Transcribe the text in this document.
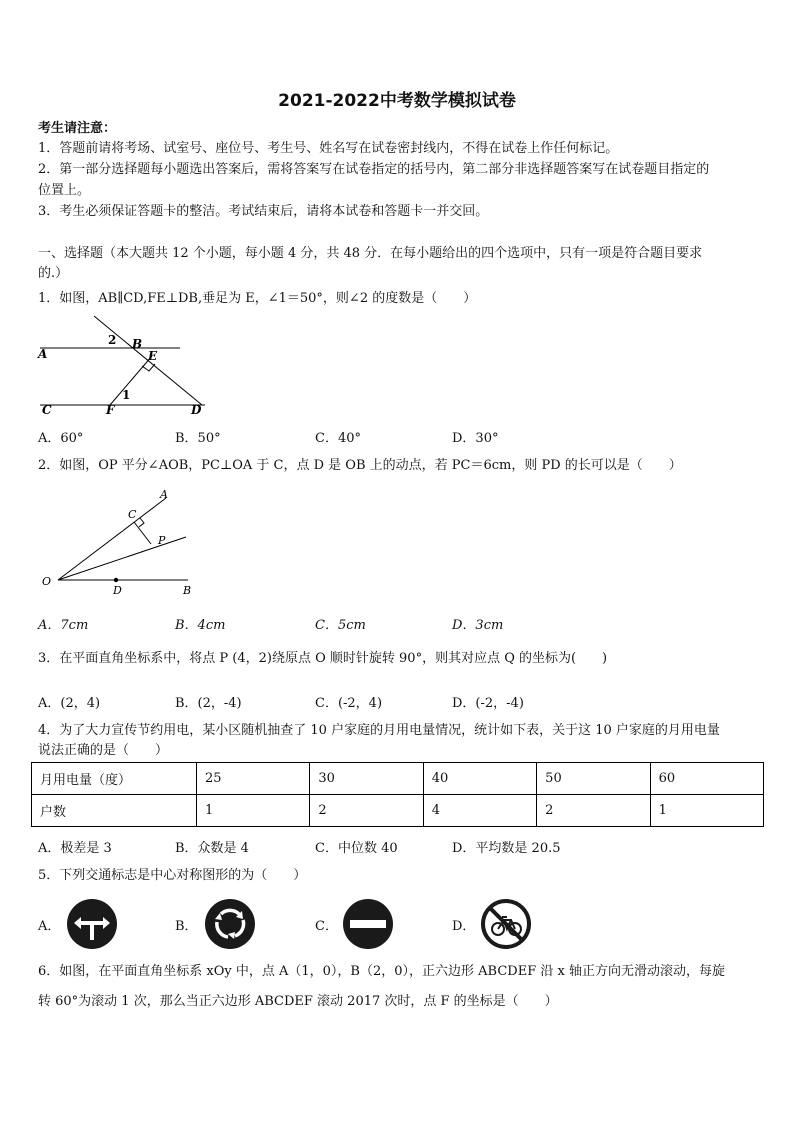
2021-2022中考数学模拟试卷
考生请注意：
1．答题前请将考场、试室号、座位号、考生号、姓名写在试卷密封线内，不得在试卷上作任何标记。
2．第一部分选择题每小题选出答案后，需将答案写在试卷指定的括号内，第二部分非选择题答案写在试卷题目指定的
位置上。
3．考生必须保证答题卡的整洁。考试结束后，请将本试卷和答题卡一并交回。
一、选择题（本大题共 12 个小题，每小题 4 分，共 48 分．在每小题给出的四个选项中，只有一项是符合题目要求
的.）
1．如图，AB∥CD,FE⊥DB,垂足为 E，∠1＝50°，则∠2 的度数是（　　）
A
2 B
E
1
C	F	D
A．60°	B．50°	C．40°	D．30°
2．如图，OP 平分∠AOB，PC⊥OA 于 C，点 D 是 OB 上的动点，若 PC＝6cm，则 PD 的长可以是（　　）
A
C
P
O
D	B
A．7cm	B．4cm	C．5cm	D．3cm
3．在平面直角坐标系中，将点 P (4，2)绕原点 O 顺时针旋转 90°，则其对应点 Q 的坐标为(　　)
A．(2，4)	B．(2，-4)	C．(-2，4)	D．(-2，-4)
4．为了大力宣传节约用电，某小区随机抽查了 10 户家庭的月用电量情况，统计如下表，关于这 10 户家庭的月用电量
说法正确的是（　　）
月用电量（度）	25	30	40	50	60
户数	1	2	4	2	1
A．极差是 3	B．众数是 4	C．中位数 40	D．平均数是 20.5
5．下列交通标志是中心对称图形的为（　　）
A．	B．	C．	D．
6．如图，在平面直角坐标系 xOy 中，点 A（1，0），B（2，0），正六边形 ABCDEF 沿 x 轴正方向无滑动滚动，每旋
转 60°为滚动 1 次，那么当正六边形 ABCDEF 滚动 2017 次时，点 F 的坐标是（　　）
